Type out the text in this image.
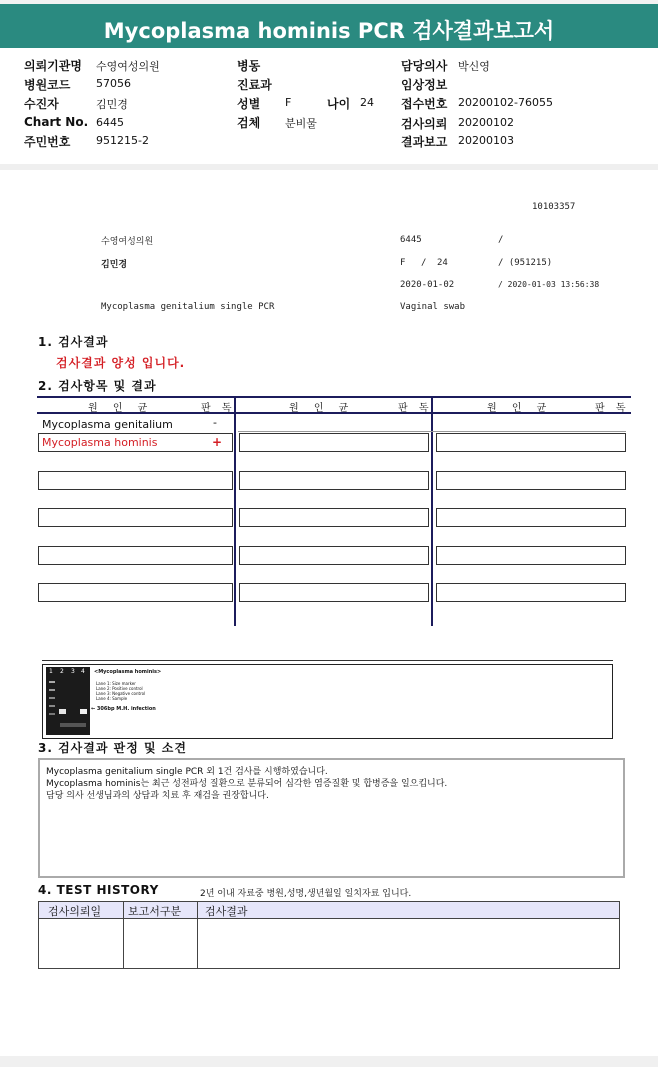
Mycoplasma hominis PCR 검사결과보고서
의뢰기관명 수영여성의원
병원코드 57056
수진자	김민경
Chart No. 6445
주민번호 951215-2
병동
진료과
성별 F	나이 24
검체 분비물
담당의사 박신영
임상정보
접수번호 20200102-76055
검사의뢰 20200102
결과보고 20200103
10103357
수영여성의원	6445	/
김민경	F / 24	/ (951215)
2020-01-02	/ 2020-01-03 13:56:38
Mycoplasma genitalium single PCR	Vaginal swab
1. 검사결과
검사결과 양성 입니다.
2. 검사항목 및 결과
원 인 균	판 독	원 인 균	판 독	원 인 균	판 독
Mycoplasma genitalium	-
Mycoplasma hominis	+
1 2 3 4 <Mycoplasma hominis>
Lane 1: Size marker
Lane 2: Positive control
Lane 3: Negative control
Lane 4: Sample
← 306bp M.H. infection
3. 검사결과 판정 및 소견
Mycoplasma genitalium single PCR 외 1건 검사를 시행하였습니다.
Mycoplasma hominis는 최근 성전파성 질환으로 분류되어 심각한 염증질환 및 합병증을 일으킵니다.
담당 의사 선생님과의 상담과 치료 후 재검을 권장합니다.
4. TEST HISTORY	2년 이내 자료중 병원,성명,생년월일 일치자료 입니다.
검사의뢰일 보고서구분 검사결과
